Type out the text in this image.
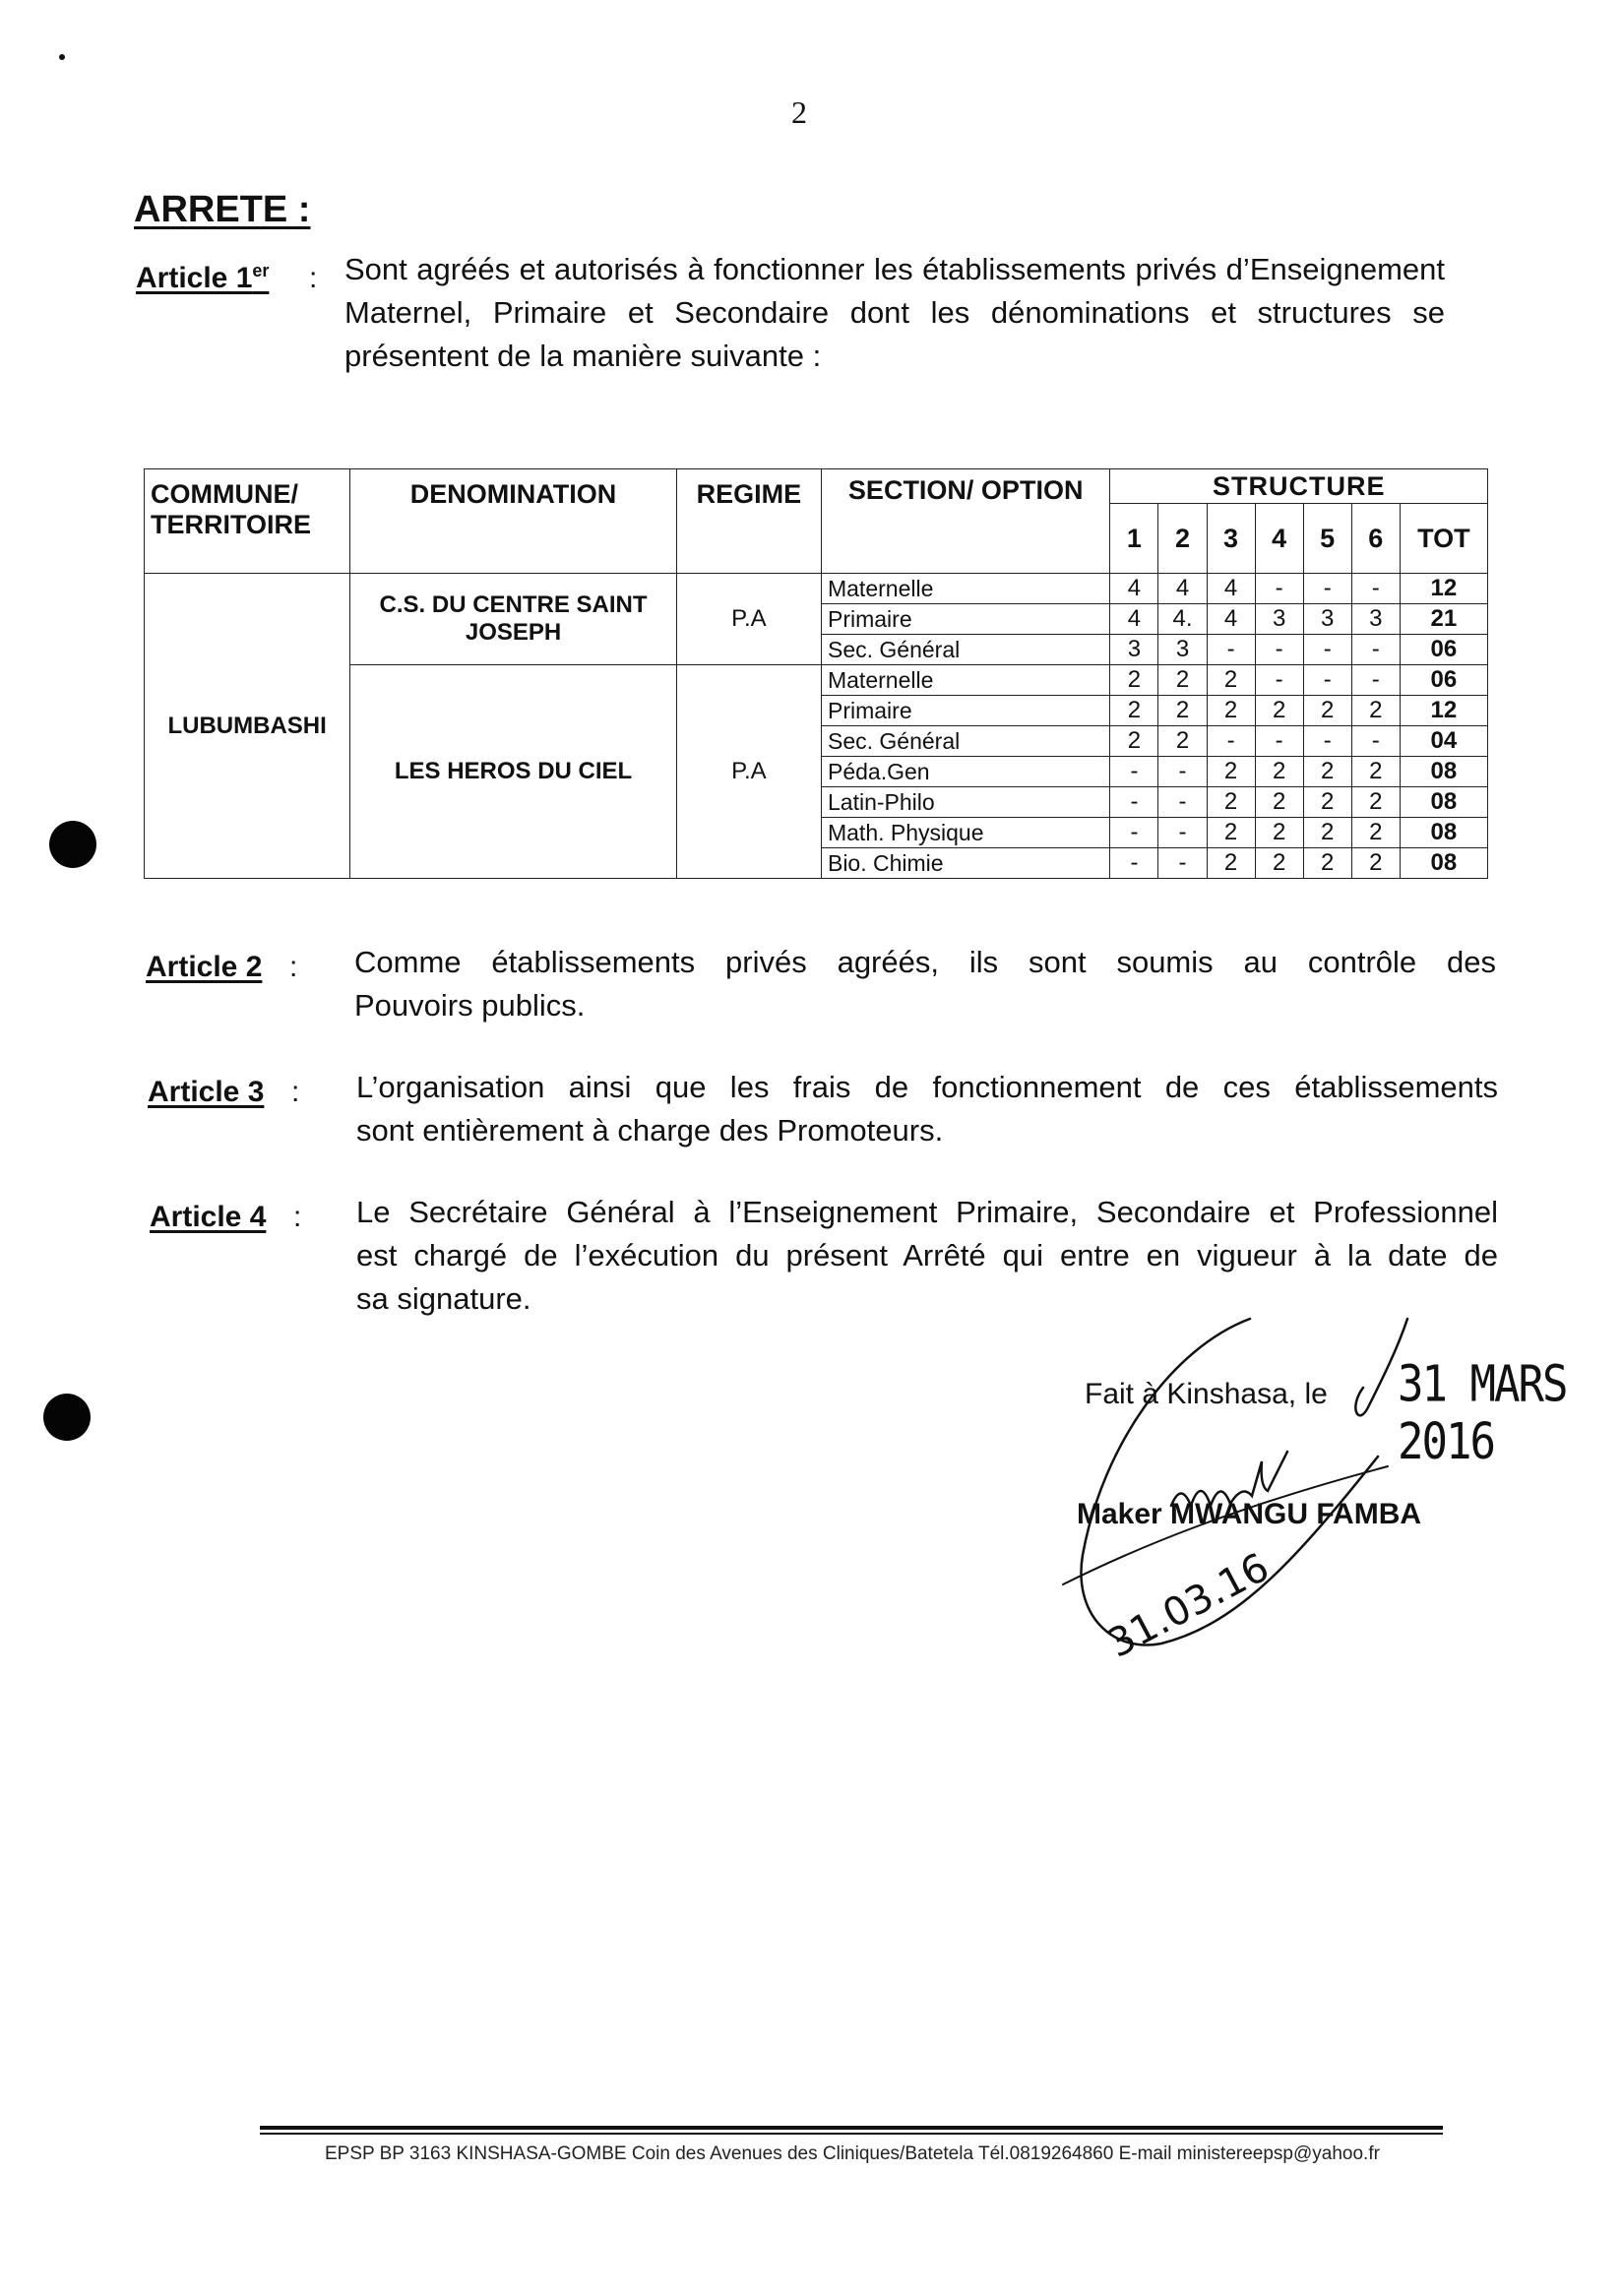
2
ARRETE :
Article 1er : Sont agréés et autorisés à fonctionner les établissements privés d’Enseignement
Maternel, Primaire et Secondaire dont les dénominations et structures se
présentent de la manière suivante :
COMMUNE/ TERRITOIRE	DENOMINATION	REGIME	SECTION/ OPTION	STRUCTURE						
				1	2	3	4	5	6	TOT
LUBUMBASHI	C.S. DU CENTRE SAINT JOSEPH	P.A	Maternelle	4	4	4	-	-	-	12
			Primaire	4	4.	4	3	3	3	21
			Sec. Général	3	3	-	-	-	-	06
	LES HEROS DU CIEL	P.A	Maternelle	2	2	2	-	-	-	06
			Primaire	2	2	2	2	2	2	12
			Sec. Général	2	2	-	-	-	-	04
			Péda.Gen	-	-	2	2	2	2	08
			Latin-Philo	-	-	2	2	2	2	08
			Math. Physique	-	-	2	2	2	2	08
			Bio. Chimie	-	-	2	2	2	2	08
Article 2 : Comme établissements privés agréés, ils sont soumis au contrôle des
Pouvoirs publics.
Article 3 : L’organisation ainsi que les frais de fonctionnement de ces établissements
sont entièrement à charge des Promoteurs.
Article 4 : Le Secrétaire Général à l’Enseignement Primaire, Secondaire et Professionnel
est chargé de l’exécution du présent Arrêté qui entre en vigueur à la date de
sa signature.
Fait à Kinshasa, le 31 MARS 2016
Maker MWANGU FAMBA
31.03.16
EPSP BP 3163 KINSHASA-GOMBE Coin des Avenues des Cliniques/Batetela Tél.0819264860 E-mail ministereepsp@yahoo.fr
